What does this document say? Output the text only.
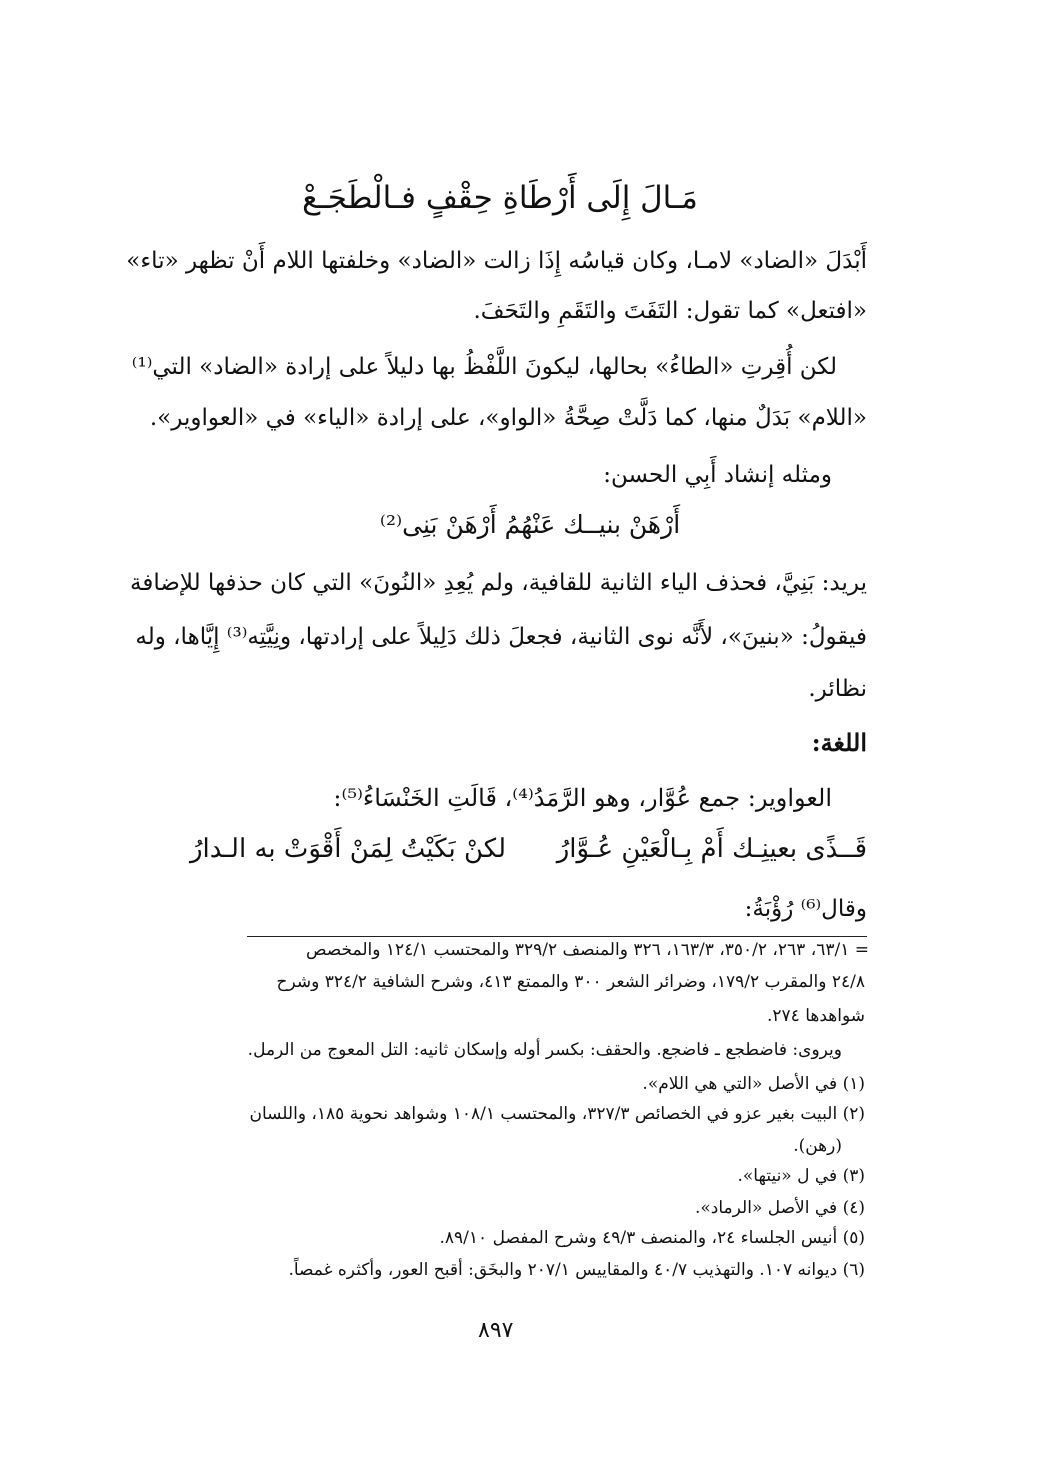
مَـالَ إِلَى أَرْطَاةِ حِقْفٍ فـالْطَجَـعْ
أَبْدَلَ «الضاد» لامـا، وكان قياسُه إِذَا زالت «الضاد» وخلفتها اللام أَنْ تظهر «تاء»
«افتعل» كما تقول: التَفَتَ والتَقَمِ والتَحَفَ.
لكن أُقِرتِ «الطاءُ» بحالها، ليكونَ اللَّفْظُ بها دليلاً على إرادة «الضاد» التي⁽¹⁾
«اللام» بَدَلٌ منها، كما دَلَّتْ صِحَّةُ «الواو»، على إرادة «الياء» في «العواوير».
ومثله إنشاد أَبِي الحسن:
أَرْهَنْ بنيــك عَنْهُمُ أَرْهَنْ بَنِى⁽²⁾
يريد: بَنِيَّ، فحذف الياء الثانية للقافية، ولم يُعِدِ «النُونَ» التي كان حذفها للإضافة
فيقولُ: «بنينَ»، لأَنَّه نوى الثانية، فجعلَ ذلك دَلِيلاً على إرادتها، ونِيَّتِه⁽³⁾ إِيَّاها، وله
نظائر.
اللغة:
العواوير: جمع عُوَّار، وهو الرَّمَدُ⁽⁴⁾، قَالَتِ الخَنْسَاءُ⁽⁵⁾:
قَــذًى بعينِـك أَمْ بِـالْعَيْنِ عُـوَّارُ
لكنْ بَكَيْتُ لِمَنْ أَقْوَتْ به الـدارُ
وقال⁽⁶⁾ رُؤْبَةُ:
= ٦٣/١، ٢٦٣، ٣٥٠/٢، ١٦٣/٣، ٣٢٦ والمنصف ٣٢٩/٢ والمحتسب ١٢٤/١ والمخصص
٢٤/٨ والمقرب ١٧٩/٢، وضرائر الشعر ٣٠٠ والممتع ٤١٣، وشرح الشافية ٣٢٤/٢ وشرح
شواهدها ٢٧٤.
ويروى: فاضطجع ـ فاضجع. والحقف: بكسر أوله وإسكان ثانيه: التل المعوج من الرمل.
(١) في الأصل «التي هي اللام».
(٢) البيت بغير عزو في الخصائص ٣٢٧/٣، والمحتسب ١٠٨/١ وشواهد نحوية ١٨٥، واللسان
(رهن).
(٣) في ل «نيتها».
(٤) في الأصل «الرماد».
(٥) أنيس الجلساء ٢٤، والمنصف ٤٩/٣ وشرح المفصل ٨٩/١٠.
(٦) ديوانه ١٠٧. والتهذيب ٤٠/٧ والمقاييس ٢٠٧/١ والبخَق: أقبح العور، وأكثره غمصاً.
٨٩٧
